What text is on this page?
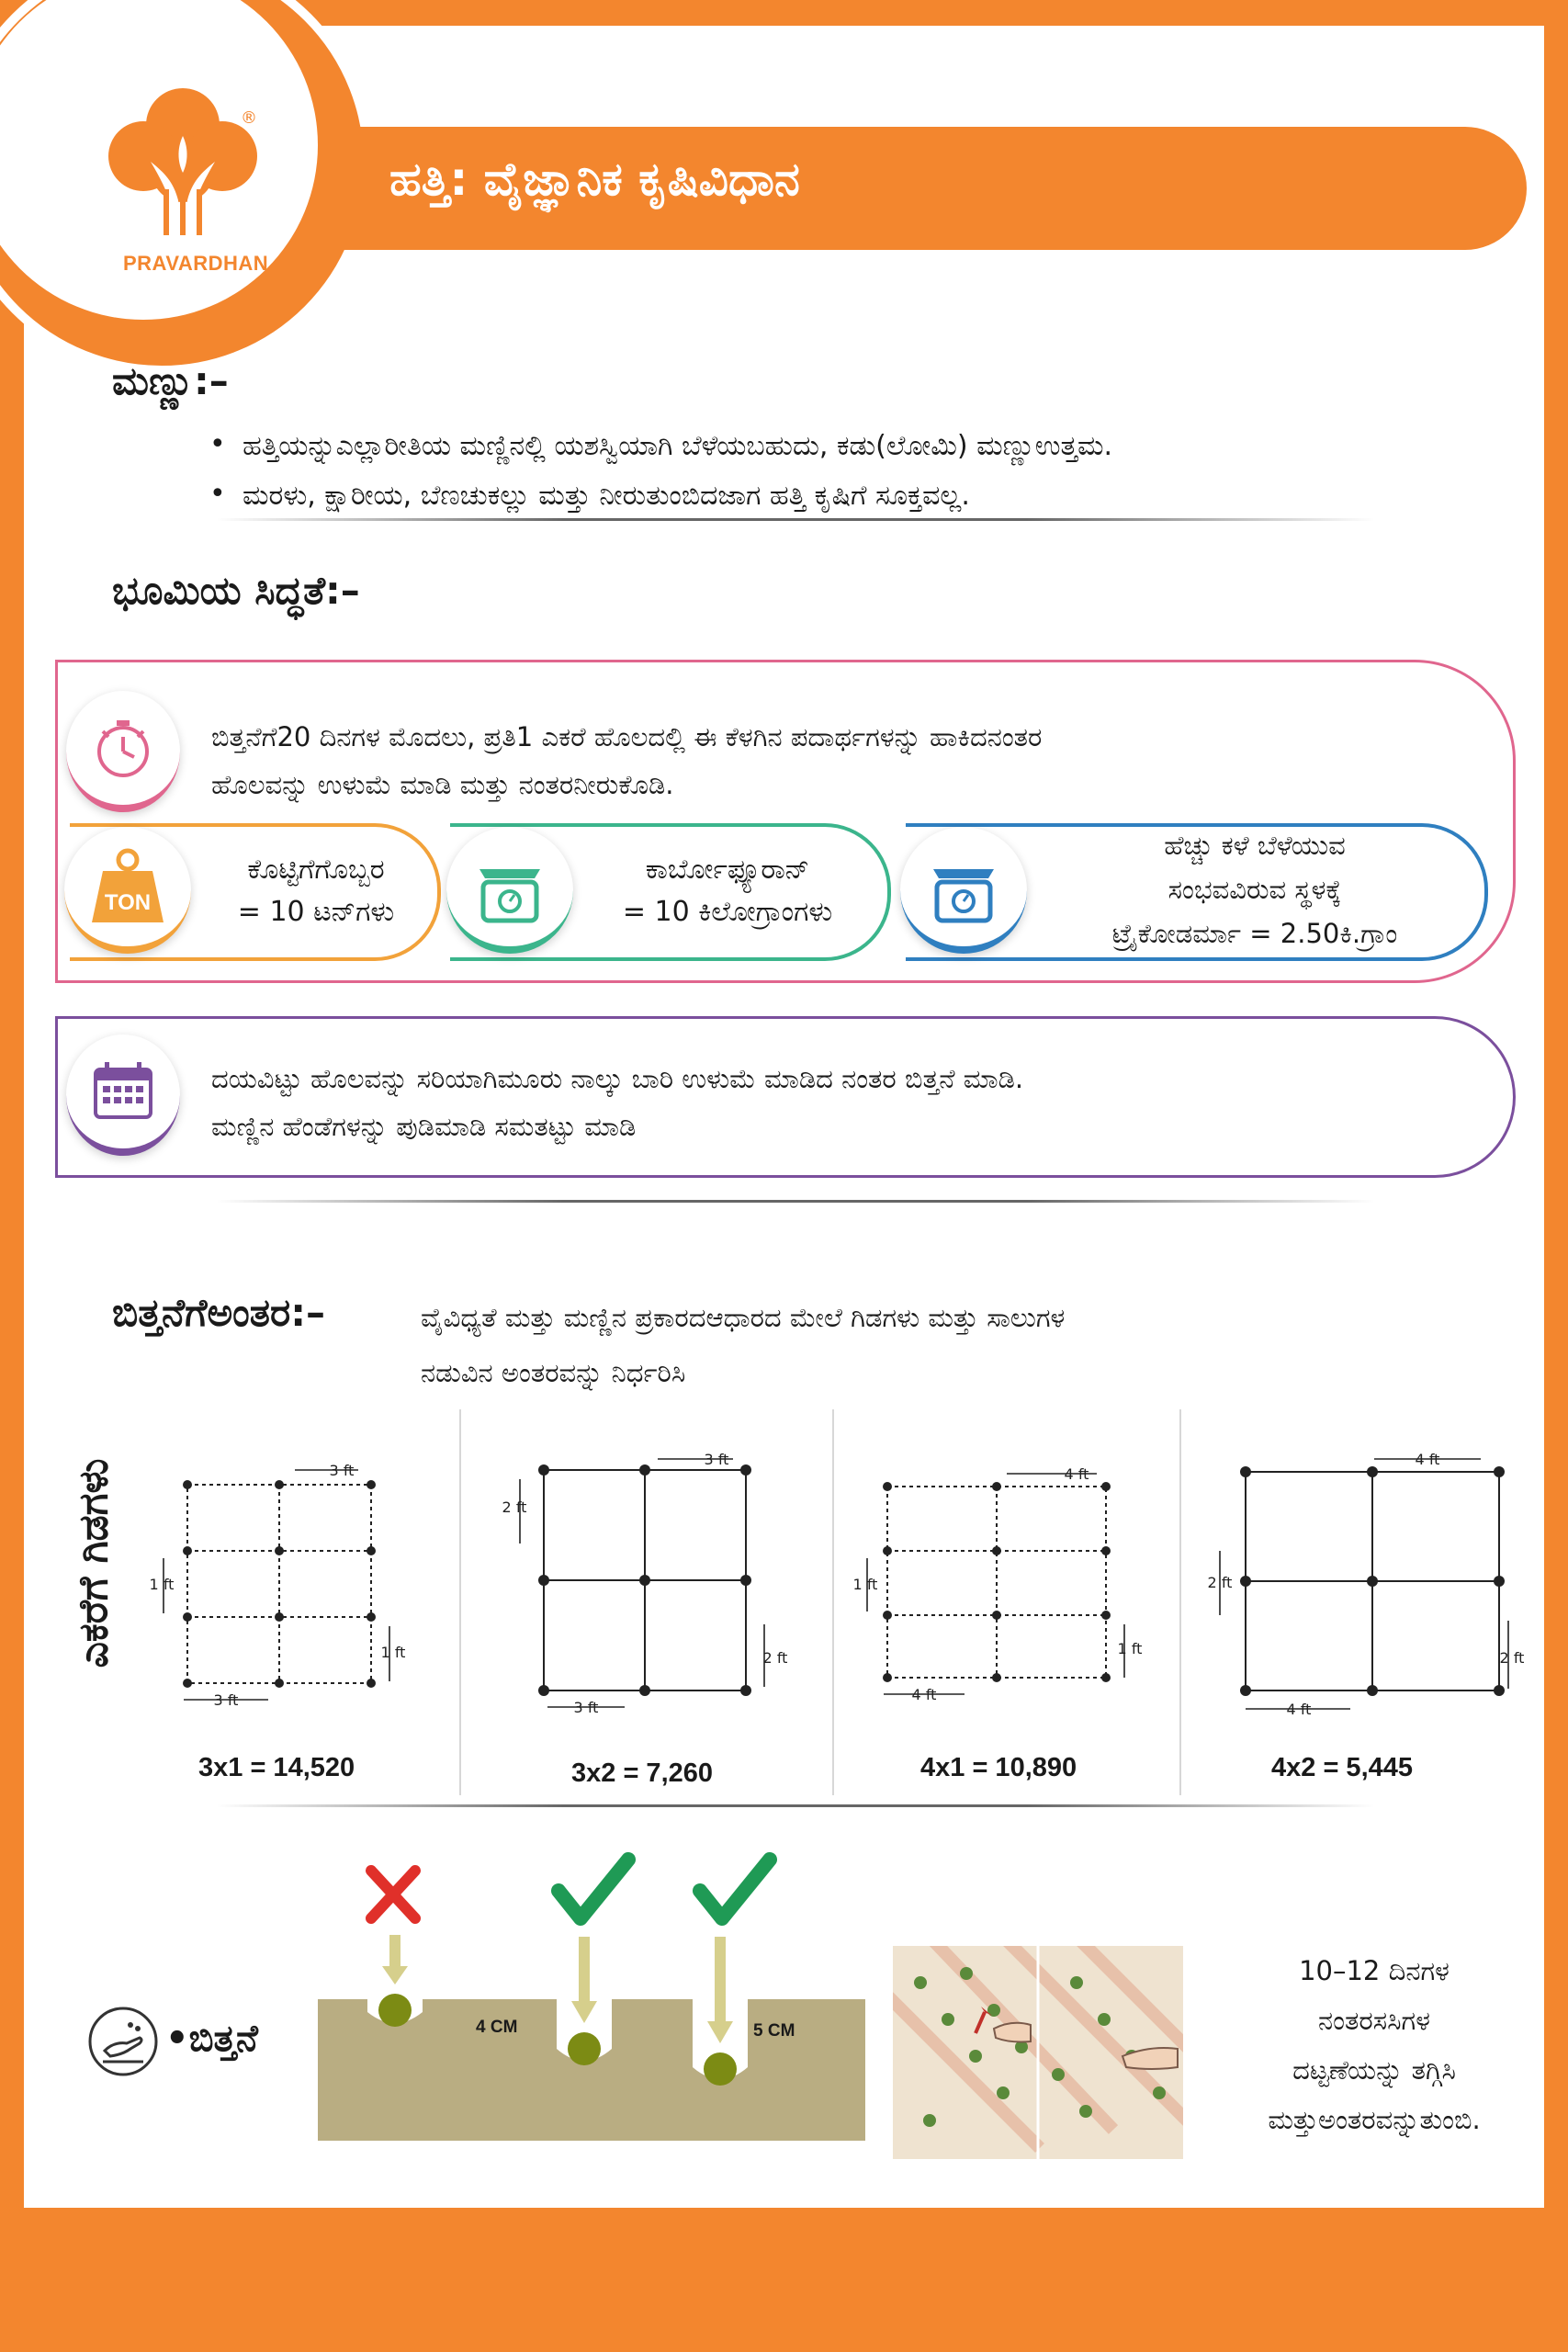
®
PRAVARDHAN
ಹತ್ತಿ: ವೈಜ್ಞಾನಿಕ ಕೃಷಿವಿಧಾನ
ಮಣ್ಣು:–
• ಹತ್ತಿಯನ್ನುಎಲ್ಲಾರೀತಿಯ ಮಣ್ಣಿನಲ್ಲಿ ಯಶಸ್ವಿಯಾಗಿ ಬೆಳೆಯಬಹುದು, ಕಡು(ಲೋಮಿ) ಮಣ್ಣುಉತ್ತಮ.
• ಮರಳು, ಕ್ಷಾರೀಯ, ಬೆಣಚುಕಲ್ಲು ಮತ್ತು ನೀರುತುಂಬಿದಜಾಗ ಹತ್ತಿ ಕೃಷಿಗೆ ಸೂಕ್ತವಲ್ಲ.
ಭೂಮಿಯ ಸಿದ್ಧತೆ:–
ಬಿತ್ತನೆಗೆ20 ದಿನಗಳ ಮೊದಲು, ಪ್ರತಿ1 ಎಕರೆ ಹೊಲದಲ್ಲಿ ಈ ಕೆಳಗಿನ ಪದಾರ್ಥಗಳನ್ನು ಹಾಕಿದನಂತರ
ಹೊಲವನ್ನು ಉಳುಮೆ ಮಾಡಿ ಮತ್ತು ನಂತರನೀರುಕೊಡಿ.
TON
ಕೊಟ್ಟಿಗೆಗೊಬ್ಬರ
= 10 ಟನ್‌ಗಳು
ಕಾರ್ಬೋಫ್ಯೂರಾನ್
= 10 ಕಿಲೋಗ್ರಾಂಗಳು
ಹೆಚ್ಚು ಕಳೆ ಬೆಳೆಯುವ
ಸಂಭವವಿರುವ ಸ್ಥಳಕ್ಕೆ
ಟ್ರೈಕೋಡರ್ಮಾ = 2.50ಕಿ.ಗ್ರಾಂ
ದಯವಿಟ್ಟು ಹೊಲವನ್ನು ಸರಿಯಾಗಿಮೂರು ನಾಲ್ಕು ಬಾರಿ ಉಳುಮೆ ಮಾಡಿದ ನಂತರ ಬಿತ್ತನೆ ಮಾಡಿ.
ಮಣ್ಣಿನ ಹೆಂಡೆಗಳನ್ನು ಪುಡಿಮಾಡಿ ಸಮತಟ್ಟು ಮಾಡಿ
ಬಿತ್ತನೆಗೆಅಂತರ:–	ವೈವಿಧ್ಯತೆ ಮತ್ತು ಮಣ್ಣಿನ ಪ್ರಕಾರದಆಧಾರದ ಮೇಲೆ ಗಿಡಗಳು ಮತ್ತು ಸಾಲುಗಳ
ನಡುವಿನ ಅಂತರವನ್ನು ನಿರ್ಧರಿಸಿ
ಎಕರೆಗೆ ಗಿಡಗಳು	3 ft
3 ft
1 ft
1 ft
3x1 = 14,520
3 ft
3 ft
2 ft
2 ft
3x2 = 7,260
4 ft
4 ft
1 ft
1 ft
4x1 = 10,890
4 ft
4 ft
2 ft
2 ft
4x2 = 5,445
4 CM	5 CM
•ಬಿತ್ತನೆ
10–12 ದಿನಗಳ
ನಂತರಸಸಿಗಳ
ದಟ್ಟಣೆಯನ್ನು ತಗ್ಗಿಸಿ
ಮತ್ತುಅಂತರವನ್ನುತುಂಬಿ.
